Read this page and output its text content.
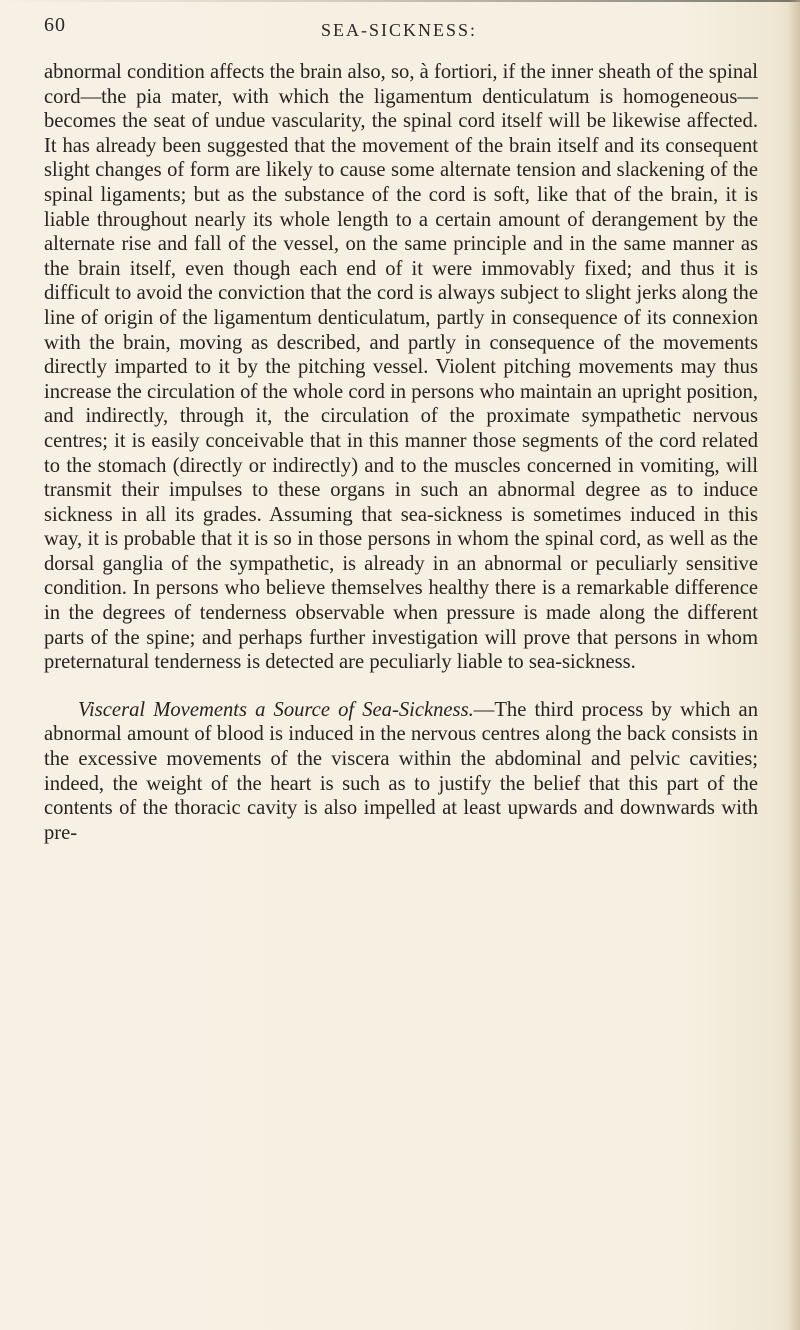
60	SEA-SICKNESS:

abnormal condition affects the brain also, so, à fortiori, if the inner sheath of the spinal cord—the pia mater, with which the ligamentum denticulatum is homogeneous—becomes the seat of undue vascularity, the spinal cord itself will be likewise affected. It has already been suggested that the movement of the brain itself and its consequent slight changes of form are likely to cause some alternate tension and slackening of the spinal ligaments; but as the substance of the cord is soft, like that of the brain, it is liable throughout nearly its whole length to a certain amount of derangement by the alternate rise and fall of the vessel, on the same principle and in the same manner as the brain itself, even though each end of it were immovably fixed; and thus it is difficult to avoid the conviction that the cord is always subject to slight jerks along the line of origin of the ligamentum denticulatum, partly in consequence of its connexion with the brain, moving as described, and partly in consequence of the movements directly imparted to it by the pitching vessel. Violent pitching movements may thus increase the circulation of the whole cord in persons who maintain an upright position, and indirectly, through it, the circulation of the proximate sympathetic nervous centres; it is easily conceivable that in this manner those segments of the cord related to the stomach (directly or indirectly) and to the muscles concerned in vomiting, will transmit their impulses to these organs in such an abnormal degree as to induce sickness in all its grades. Assuming that sea-sickness is sometimes induced in this way, it is probable that it is so in those persons in whom the spinal cord, as well as the dorsal ganglia of the sympathetic, is already in an abnormal or peculiarly sensitive condition. In persons who believe themselves healthy there is a remarkable difference in the degrees of tenderness observable when pressure is made along the different parts of the spine; and perhaps further investigation will prove that persons in whom preternatural tenderness is detected are peculiarly liable to sea-sickness.

Visceral Movements a Source of Sea-Sickness.—The third process by which an abnormal amount of blood is induced in the nervous centres along the back consists in the excessive movements of the viscera within the abdominal and pelvic cavities; indeed, the weight of the heart is such as to justify the belief that this part of the contents of the thoracic cavity is also impelled at least upwards and downwards with pre-
